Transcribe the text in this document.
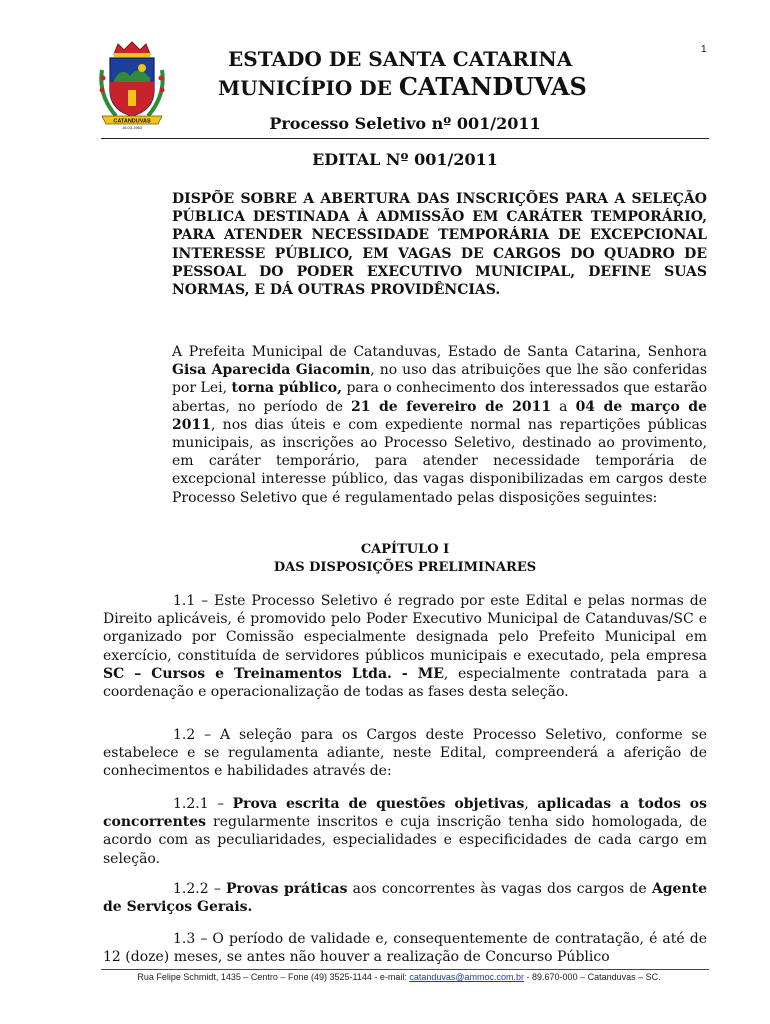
1
CATANDUVAS
16.03.1963
ESTADO DE SANTA CATARINA
MUNICÍPIO DE CATANDUVAS
Processo Seletivo nº 001/2011
EDITAL Nº 001/2011
DISPÕE SOBRE A ABERTURA DAS INSCRIÇÕES PARA A SELEÇÃO PÚBLICA DESTINADA À ADMISSÃO EM CARÁTER TEMPORÁRIO, PARA ATENDER NECESSIDADE TEMPORÁRIA DE EXCEPCIONAL INTERESSE PÚBLICO, EM VAGAS DE CARGOS DO QUADRO DE PESSOAL DO PODER EXECUTIVO MUNICIPAL, DEFINE SUAS NORMAS, E DÁ OUTRAS PROVIDÊNCIAS.
A Prefeita Municipal de Catanduvas, Estado de Santa Catarina, Senhora Gisa Aparecida Giacomin, no uso das atribuições que lhe são conferidas por Lei, torna público, para o conhecimento dos interessados que estarão abertas, no período de 21 de fevereiro de 2011 a 04 de março de 2011, nos dias úteis e com expediente normal nas repartições públicas municipais, as inscrições ao Processo Seletivo, destinado ao provimento, em caráter temporário, para atender necessidade temporária de excepcional interesse público, das vagas disponibilizadas em cargos deste Processo Seletivo que é regulamentado pelas disposições seguintes:
CAPÍTULO I
DAS DISPOSIÇÕES PRELIMINARES
1.1 – Este Processo Seletivo é regrado por este Edital e pelas normas de Direito aplicáveis, é promovido pelo Poder Executivo Municipal de Catanduvas/SC e organizado por Comissão especialmente designada pelo Prefeito Municipal em exercício, constituída de servidores públicos municipais e executado, pela empresa SC – Cursos e Treinamentos Ltda. - ME, especialmente contratada para a coordenação e operacionalização de todas as fases desta seleção.
1.2 – A seleção para os Cargos deste Processo Seletivo, conforme se estabelece e se regulamenta adiante, neste Edital, compreenderá a aferição de conhecimentos e habilidades através de:
1.2.1 – Prova escrita de questões objetivas, aplicadas a todos os concorrentes regularmente inscritos e cuja inscrição tenha sido homologada, de acordo com as peculiaridades, especialidades e especificidades de cada cargo em seleção.
1.2.2 – Provas práticas aos concorrentes às vagas dos cargos de Agente de Serviços Gerais.
1.3 – O período de validade e, consequentemente de contratação, é até de 12 (doze) meses, se antes não houver a realização de Concurso Público
Rua Felipe Schmidt, 1435 – Centro – Fone (49) 3525-1144 - e-mail: catanduvas@ammoc.com.br - 89.670-000 – Catanduvas – SC.
